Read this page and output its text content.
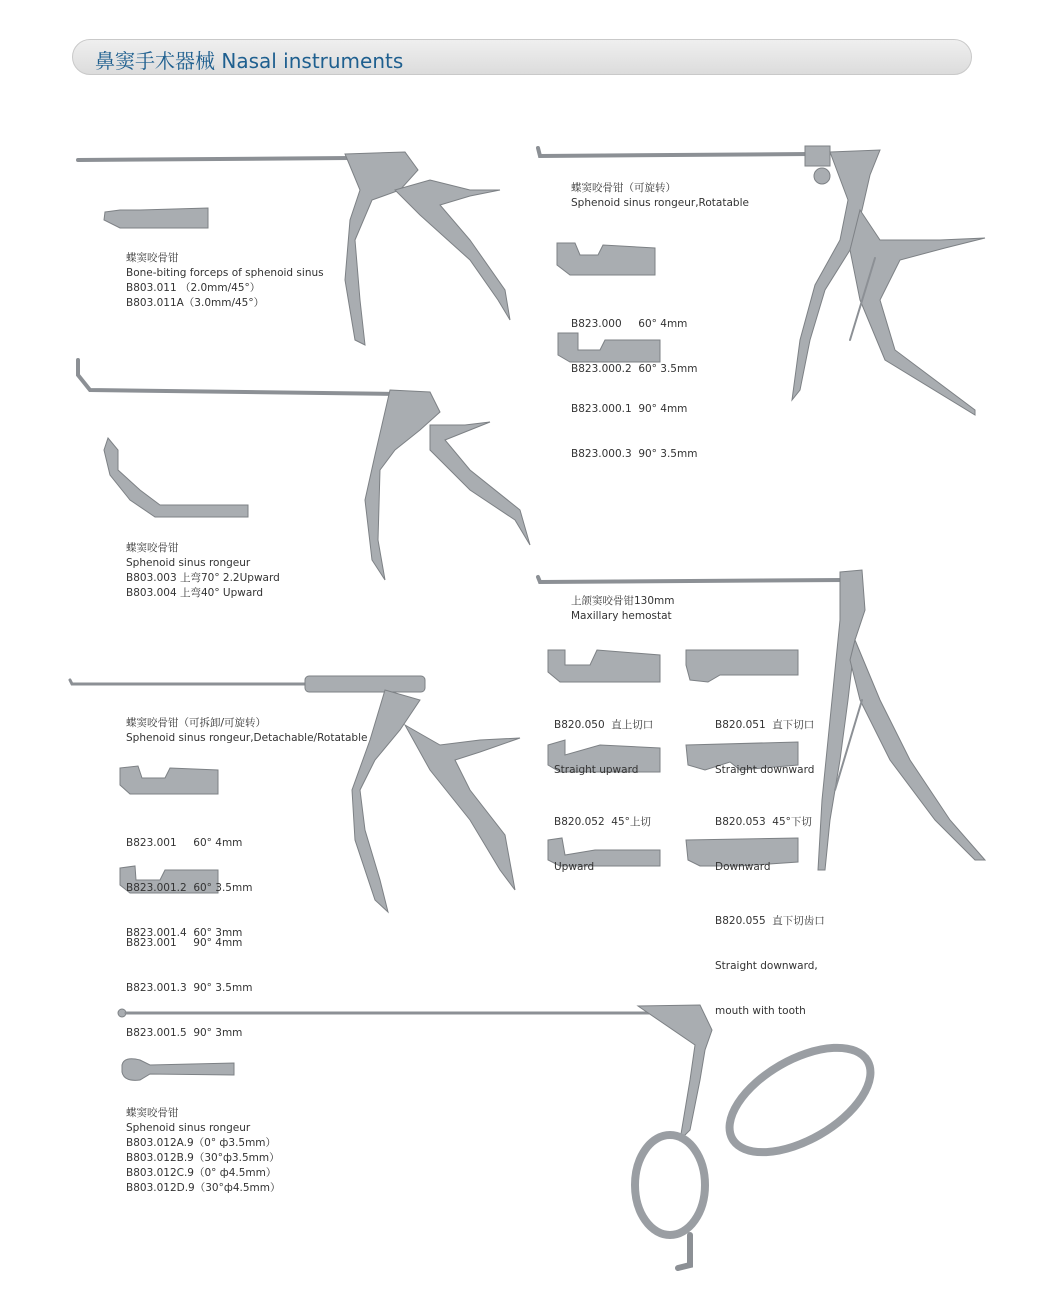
鼻窦手术器械 Nasal instruments
蝶窦咬骨钳
Bone-biting forceps of sphenoid sinus
B803.011 （2.0mm/45°）
B803.011A（3.0mm/45°）
蝶窦咬骨钳（可旋转）
Sphenoid sinus rongeur,Rotatable

B823.000     60° 4mm

B823.000.2  60° 3.5mm

B823.000.1  90° 4mm

B823.000.3  90° 3.5mm

蝶窦咬骨钳
Sphenoid sinus rongeur
B803.003 上弯70° 2.2Upward
B803.004 上弯40° Upward
蝶窦咬骨钳（可拆卸/可旋转）
Sphenoid sinus rongeur,Detachable/Rotatable

B823.001     60° 4mm

B823.001.2  60° 3.5mm

B823.001.4  60° 3mm

B823.001     90° 4mm

B823.001.3  90° 3.5mm

B823.001.5  90° 3mm

上颌窦咬骨钳130mm
Maxillary hemostat

B820.050  直上切口

Straight upward

B820.051  直下切口

Straight downward

B820.052  45°上切

Upward

B820.053  45°下切

Downward

B820.055  直下切齿口

Straight downward,

mouth with tooth

蝶窦咬骨钳
Sphenoid sinus rongeur
B803.012A.9（0° ф3.5mm）
B803.012B.9（30°ф3.5mm）
B803.012C.9（0° ф4.5mm）
B803.012D.9（30°ф4.5mm）
